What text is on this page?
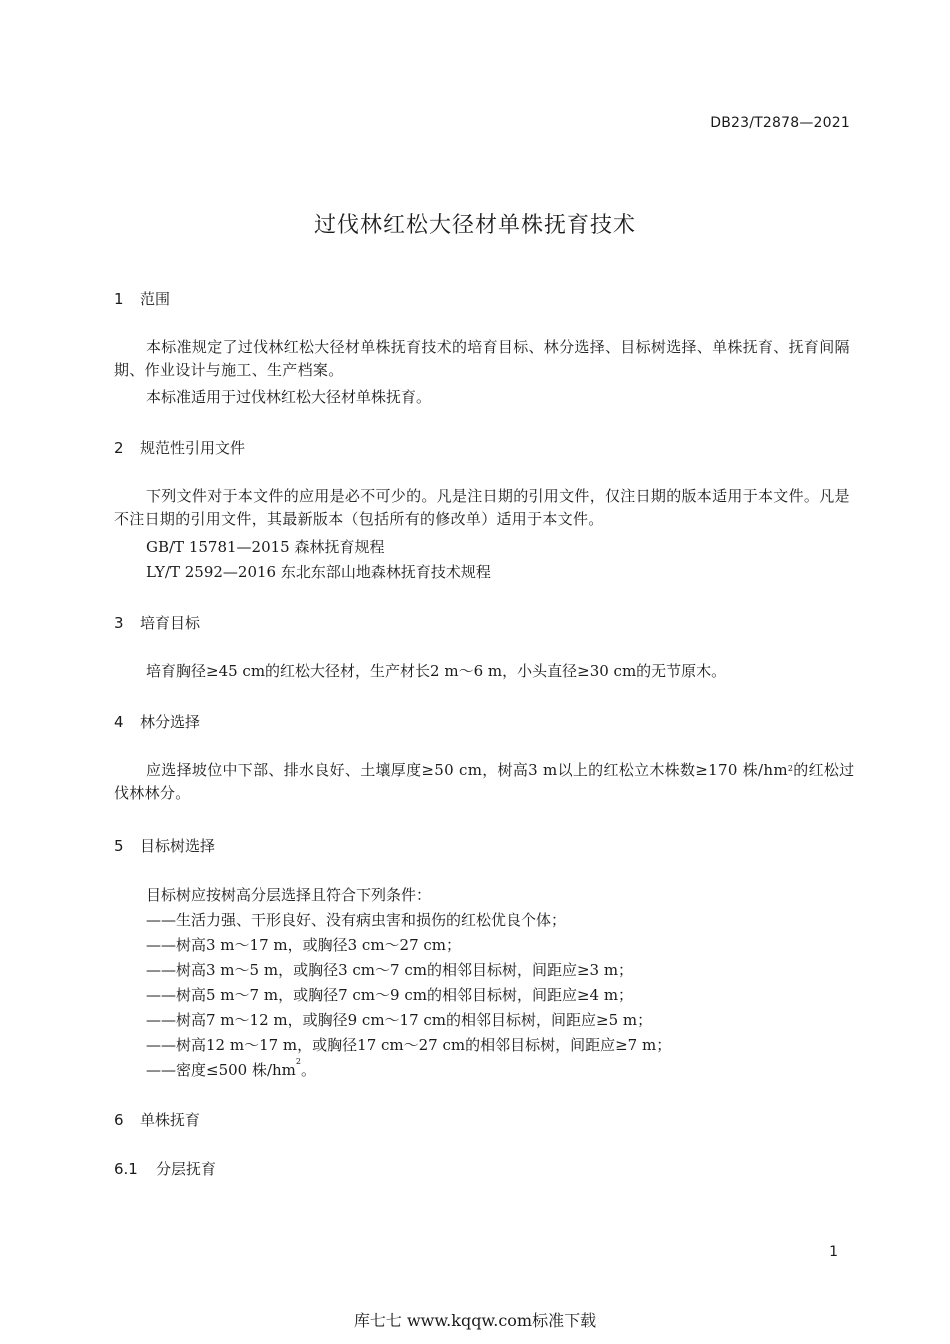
DB23/T2878—2021
过伐林红松大径材单株抚育技术
1 范围
本标准规定了过伐林红松大径材单株抚育技术的培育目标、林分选择、目标树选择、单株抚育、抚育间隔期、作业设计与施工、生产档案。
本标准适用于过伐林红松大径材单株抚育。
2 规范性引用文件
下列文件对于本文件的应用是必不可少的。凡是注日期的引用文件，仅注日期的版本适用于本文件。凡是不注日期的引用文件，其最新版本（包括所有的修改单）适用于本文件。
GB/T 15781—2015 森林抚育规程
LY/T 2592—2016 东北东部山地森林抚育技术规程
3 培育目标
培育胸径≥45 cm的红松大径材，生产材长2 m～6 m，小头直径≥30 cm的无节原木。
4 林分选择
应选择坡位中下部、排水良好、土壤厚度≥50 cm，树高3 m以上的红松立木株数≥170 株$/hm^2$的红松过伐林林分。
5 目标树选择
目标树应按树高分层选择且符合下列条件：
——生活力强、干形良好、没有病虫害和损伤的红松优良个体；
——树高3 m～17 m，或胸径3 cm～27 cm；
——树高3 m～5 m，或胸径3 cm～7 cm的相邻目标树，间距应≥3 m；
——树高5 m～7 m，或胸径7 cm～9 cm的相邻目标树，间距应≥4 m；
——树高7 m～12 m，或胸径9 cm～17 cm的相邻目标树，间距应≥5 m；
——树高12 m～17 m，或胸径17 cm～27 cm的相邻目标树，间距应≥7 m；
——密度≤500 株$/hm^2$。
6 单株抚育
6.1 分层抚育
1
库七七 www.kqqw.com标准下载
